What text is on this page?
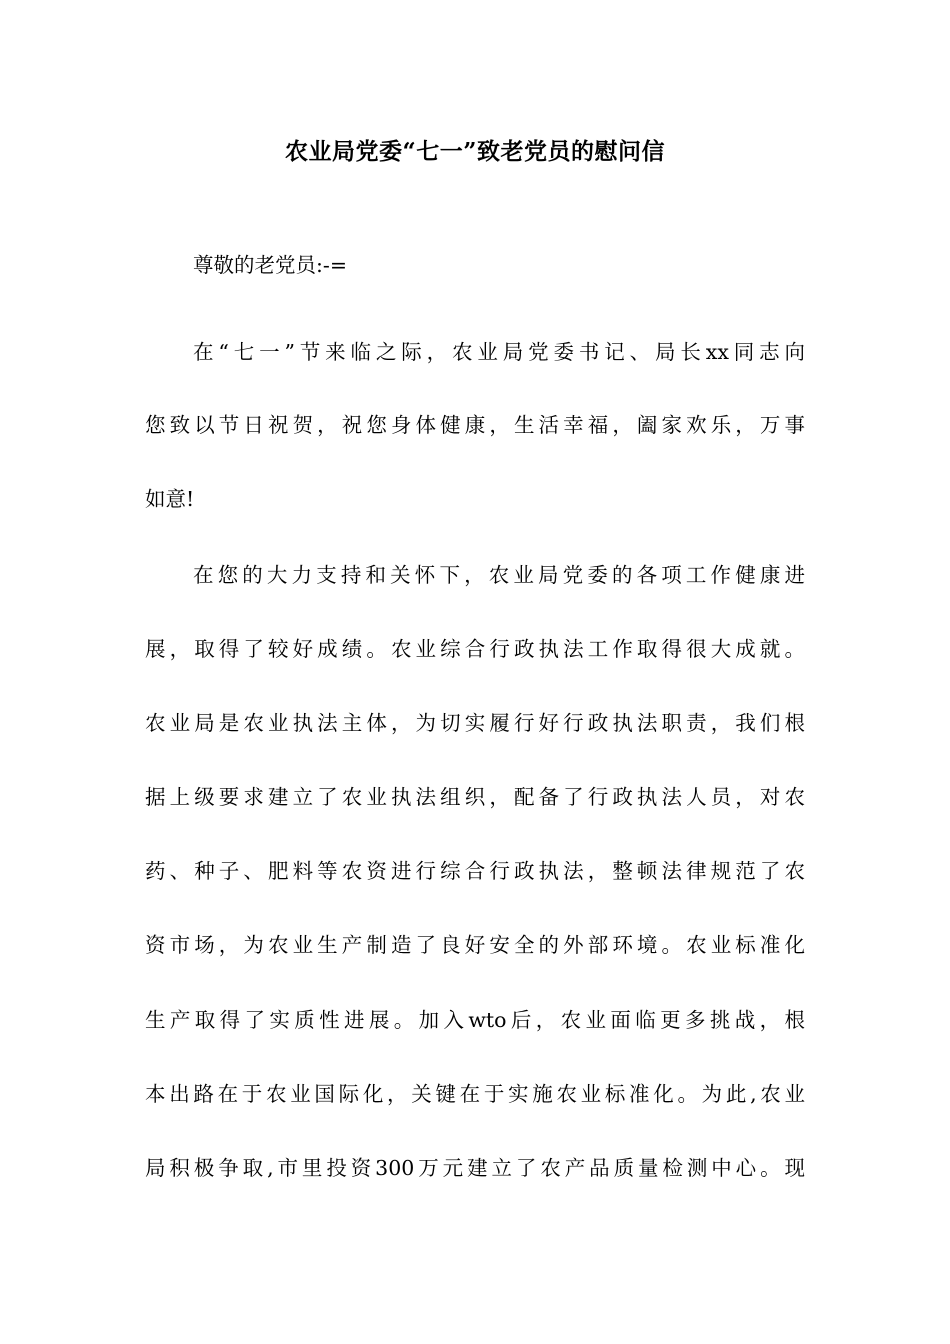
农业局党委“七一”致老党员的慰问信
尊敬的老党员:-=
在“七一”节来临之际，农业局党委书记、局长xx同志向
您致以节日祝贺，祝您身体健康，生活幸福，阖家欢乐，万事
如意!
在您的大力支持和关怀下，农业局党委的各项工作健康进
展，取得了较好成绩。农业综合行政执法工作取得很大成就。
农业局是农业执法主体，为切实履行好行政执法职责，我们根
据上级要求建立了农业执法组织，配备了行政执法人员，对农
药、种子、肥料等农资进行综合行政执法，整顿法律规范了农
资市场，为农业生产制造了良好安全的外部环境。农业标准化
生产取得了实质性进展。加入wto后，农业面临更多挑战，根
本出路在于农业国际化，关键在于实施农业标准化。为此,农业
局积极争取,市里投资300万元建立了农产品质量检测中心。现
